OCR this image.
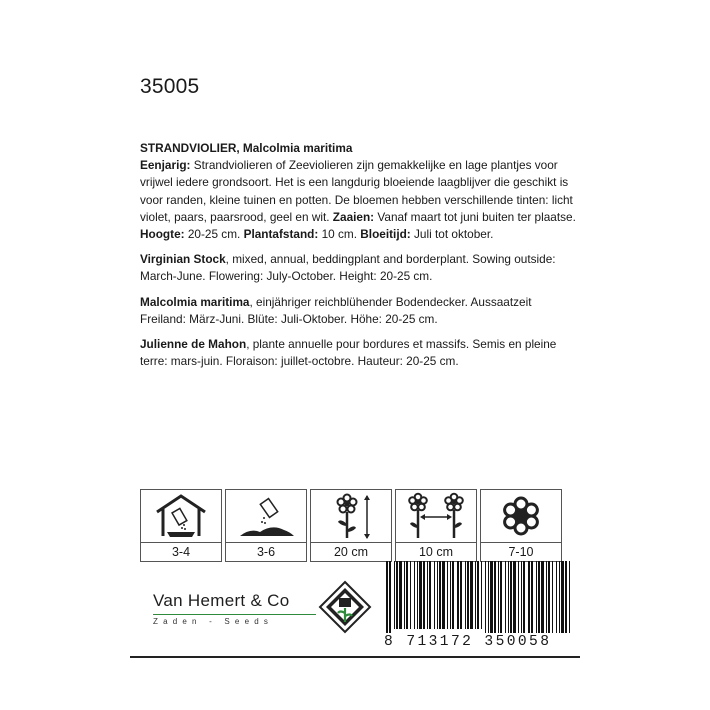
35005

STRANDVIOLIER, Malcolmia maritima
Eenjarig: Strandviolieren of Zeeviolieren zijn gemakkelijke en lage plantjes voor vrijwel iedere grondsoort. Het is een langdurig bloeiende laagblijver die geschikt is voor randen, kleine tuinen en potten. De bloemen hebben verschillende tinten: licht violet, paars, paarsrood, geel en wit. Zaaien: Vanaf maart tot juni buiten ter plaatse. Hoogte: 20-25 cm. Plantafstand: 10 cm. Bloeitijd: Juli tot oktober.

Virginian Stock, mixed, annual, beddingplant and borderplant. Sowing outside: March-June. Flowering: July-October. Height: 20-25 cm.

Malcolmia maritima, einjähriger reichblühender Bodendecker. Aussaatzeit Freiland: März-Juni. Blüte: Juli-Oktober. Höhe: 20-25 cm.

Julienne de Mahon, plante annuelle pour bordures et massifs. Semis en pleine terre: mars-juin. Floraison: juillet-octobre. Hauteur: 20-25 cm.

3-4	3-6	20 cm	10 cm	7-10
Van Hemert & Co
Zaden - Seeds
8 713172 350058
